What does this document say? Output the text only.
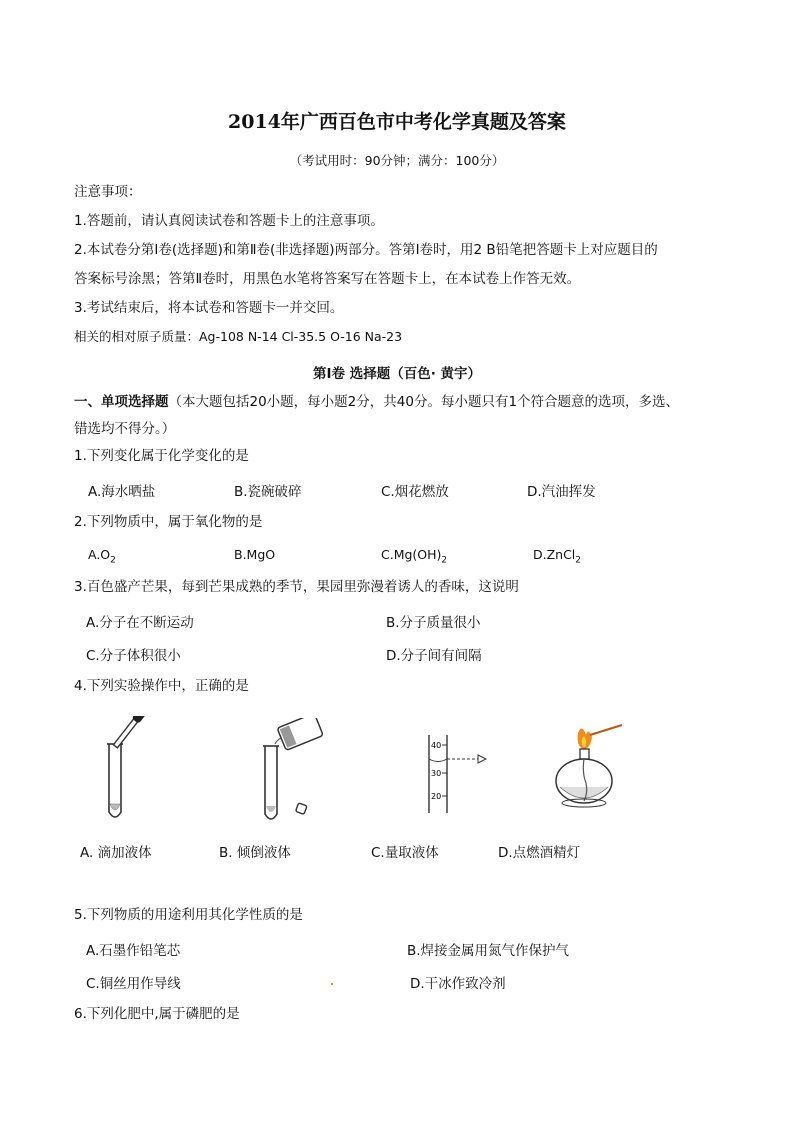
2014年广西百色市中考化学真题及答案
（考试用时：90分钟；满分：100分）
注意事项：
1.答题前，请认真阅读试卷和答题卡上的注意事项。
2.本试卷分第Ⅰ卷(选择题)和第Ⅱ卷(非选择题)两部分。答第Ⅰ卷时，用2 B铅笔把答题卡上对应题目的
答案标号涂黑；答第Ⅱ卷时，用黑色水笔将答案写在答题卡上，在本试卷上作答无效。
3.考试结束后，将本试卷和答题卡一并交回。
相关的相对原子质量：Ag-108 N-14 Cl-35.5 O-16 Na-23
第Ⅰ卷 选择题（百色· 黄宇）
一、单项选择题（本大题包括20小题，每小题2分，共40分。每小题只有1个符合题意的选项，多选、
错选均不得分。）
1.下列变化属于化学变化的是
A.海水晒盐	B.瓷碗破碎	C.烟花燃放	D.汽油挥发
2.下列物质中，属于氧化物的是
$A.O_2$	B.MgO	$C.Mg(OH)_2$	D.ZnCl$_2$
3.百色盛产芒果，每到芒果成熟的季节，果园里弥漫着诱人的香味，这说明
A.分子在不断运动	B.分子质量很小
C.分子体积很小	D.分子间有间隔
4.下列实验操作中，正确的是
40
30
20
A. 滴加液体	B. 倾倒液体	C.量取液体	D.点燃酒精灯
5.下列物质的用途利用其化学性质的是
A.石墨作铅笔芯	B.焊接金属用氮气作保护气
C.铜丝用作导线	D.干冰作致冷剂
6.下列化肥中,属于磷肥的是
